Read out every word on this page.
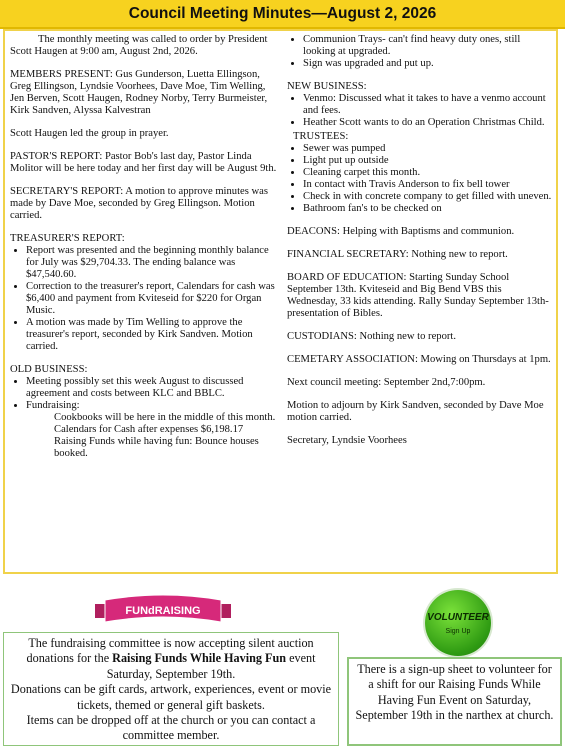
Council Meeting Minutes—August 2, 2026

The monthly meeting was called to order by President Scott Haugen at 9:00 am, August 2nd, 2026.

MEMBERS PRESENT: Gus Gunderson, Luetta Ellingson, Greg Ellingson, Lyndsie Voorhees, Dave Moe, Tim Welling, Jen Berven, Scott Haugen, Rodney Norby, Terry Burmeister, Kirk Sandven, Alyssa Kalvestran

Scott Haugen led the group in prayer.

PASTOR'S REPORT: Pastor Bob's last day, Pastor Linda Molitor will be here today and her first day will be August 9th.

SECRETARY'S REPORT: A motion to approve minutes was made by Dave Moe, seconded by Greg Ellingson. Motion carried.

TREASURER'S REPORT:

• Report was presented and the beginning monthly balance for July was $29,704.33. The ending balance was $47,540.60.
• Correction to the treasurer's report, Calendars for cash was $6,400 and payment from Kviteseid for $220 for Organ Music.
• A motion was made by Tim Welling to approve the treasurer's report, seconded by Kirk Sandven. Motion carried.

OLD BUSINESS:

• Meeting possibly set this week August to discussed agreement and costs between KLC and BBLC.
• Fundraising:

Cookbooks will be here in the middle of this month.

Calendars for Cash after expenses $6,198.17

Raising Funds while having fun: Bounce houses booked.

• Communion Trays- can't find heavy duty ones, still looking at upgraded.
• Sign was upgraded and put up.

NEW BUSINESS:

• Venmo: Discussed what it takes to have a venmo account and fees.
• Heather Scott wants to do an Operation Christmas Child.

TRUSTEES:

• Sewer was pumped
• Light put up outside
• Cleaning carpet this month.
• In contact with Travis Anderson to fix bell tower
• Check in with concrete company to get filled with uneven.
• Bathroom fan's to be checked on

DEACONS: Helping with Baptisms and communion.

FINANCIAL SECRETARY: Nothing new to report.

BOARD OF EDUCATION: Starting Sunday School September 13th. Kviteseid and Big Bend VBS this Wednesday, 33 kids attending. Rally Sunday September 13th- presentation of Bibles.

CUSTODIANS: Nothing new to report.

CEMETARY ASSOCIATION: Mowing on Thursdays at 1pm.

Next council meeting: September 2nd,7:00pm.

Motion to adjourn by Kirk Sandven, seconded by Dave Moe motion carried.

Secretary, Lyndsie Voorhees

FUNdRAISING
VOLUNTEER
Sign Up

The fundraising committee is now accepting silent auction donations for the Raising Funds While Having Fun event Saturday, September 19th.

Donations can be gift cards, artwork, experiences, event or movie tickets, themed or general gift baskets.

Items can be dropped off at the church or you can contact a committee member.

There is a sign-up sheet to volunteer for a shift for our Raising Funds While Having Fun Event on Saturday, September 19th in the narthex at church.
